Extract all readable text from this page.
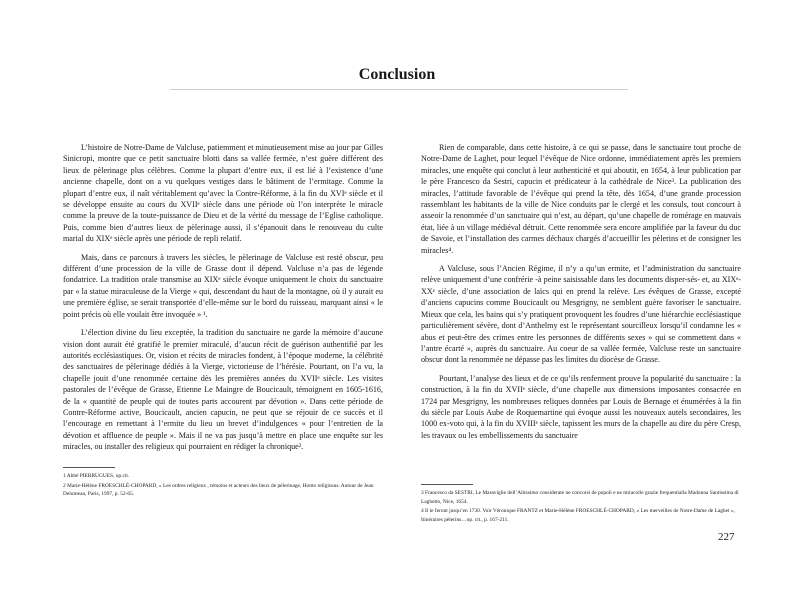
Conclusion

L’histoire de Notre-Dame de Valcluse, patiemment et minutieusement mise au jour par Gilles Sinicropi, montre que ce petit sanctuaire blotti dans sa vallée fermée, n’est guère différent des lieux de pèlerinage plus célèbres. Comme la plupart d’entre eux, il est lié à l’existence d’une ancienne chapelle, dont on a vu quelques vestiges dans le bâtiment de l’ermitage. Comme la plupart d’entre eux, il naît véritablement qu’avec la Contre-Réforme, à la fin du XVIᵉ siècle et il se développe ensuite au cours du XVIIᵉ siècle dans une période où l’on interprète le miracle comme la preuve de la toute-puissance de Dieu et de la vérité du message de l’Eglise catholique. Puis, comme bien d’autres lieux de pèlerinage aussi, il s’épanouit dans le renouveau du culte marial du XIXᵉ siècle après une période de repli relatif.

Mais, dans ce parcours à travers les siècles, le pèlerinage de Valcluse est resté obscur, peu différent d’une procession de la ville de Grasse dont il dépend. Valcluse n’a pas de légende fondatrice. La tradition orale transmise au XIXᵉ siècle évoque uniquement le choix du sanctuaire par « la statue miraculeuse de la Vierge » qui, descendant du haut de la montagne, où il y aurait eu une première église, se serait transportée d’elle-même sur le bord du ruisseau, marquant ainsi « le point précis où elle voulait être invoquée » ¹.

L’élection divine du lieu exceptée, la tradition du sanctuaire ne garde la mémoire d’aucune vision dont aurait été gratifié le premier miraculé, d’aucun récit de guérison authentifié par les autorités ecclésiastiques. Or, vision et récits de miracles fondent, à l’époque moderne, la célébrité des sanctuaires de pèlerinage dédiés à la Vierge, victorieuse de l’hérésie. Pourtant, on l’a vu, la chapelle jouit d’une renommée certaine dès les premières années du XVIIᵉ siècle. Les visites pastorales de l’évêque de Grasse, Etienne Le Maingre de Boucicault, témoignent en 1605-1616, de la « quantité de peuple qui de toutes parts accourent par dévotion ». Dans cette période de Contre-Réforme active, Boucicault, ancien capucin, ne peut que se réjouir de ce succès et il l’encourage en remettant à l’ermite du lieu un brevet d’indulgences « pour l’entretien de la dévotion et affluence de peuple ». Mais il ne va pas jusqu’à mettre en place une enquête sur les miracles, ou installer des religieux qui pourraient en rédiger la chronique².

1 Abbé PIERRUGUES, op.cit.
2 Marie-Hélène FROESCHLÉ-CHOPARD, « Les ordres religieux , témoins et acteurs des lieux de pèlerinage, Homo religiosus. Autour de Jean Delumeau, Paris, 1997, p. 52-65.

Rien de comparable, dans cette histoire, à ce qui se passe, dans le sanctuaire tout proche de Notre-Dame de Laghet, pour lequel l’évêque de Nice ordonne, immédiatement après les premiers miracles, une enquête qui conclut à leur authenticité et qui aboutit, en 1654, à leur publication par le père Francesco da Sestri, capucin et prédicateur à la cathédrale de Nice³. La publication des miracles, l’attitude favorable de l’évêque qui prend la tête, dès 1654, d’une grande procession rassemblant les habitants de la ville de Nice conduits par le clergé et les consuls, tout concourt à asseoir la renommée d’un sanctuaire qui n’est, au départ, qu’une chapelle de romérage en mauvais état, liée à un village médiéval détruit. Cette renommée sera encore amplifiée par la faveur du duc de Savoie, et l’installation des carmes déchaux chargés d’accueillir les pèlerins et de consigner les miracles⁴.

A Valcluse, sous l’Ancien Régime, il n’y a qu’un ermite, et l’administration du sanctuaire relève uniquement d’une confrérie -à peine saisissable dans les documents disper-sés- et, au XIXᵉ-XXᵉ siècle, d’une association de laïcs qui en prend la relève. Les évêques de Grasse, excepté d’anciens capucins comme Boucicault ou Mesgrigny, ne semblent guère favoriser le sanctuaire. Mieux que cela, les bains qui s’y pratiquent provoquent les foudres d’une hiérarchie ecclésiastique particulièrement sévère, dont d’Anthelmy est le représentant sourcilleux lorsqu’il condamne les « abus et peut-être des crimes entre les personnes de différents sexes » qui se commettent dans « l’antre écarté », auprès du sanctuaire. Au coeur de sa vallée fermée, Valcluse reste un sanctuaire obscur dont la renommée ne dépasse pas les limites du diocèse de Grasse.

Pourtant, l’analyse des lieux et de ce qu’ils renferment prouve la popularité du sanctuaire : la construction, à la fin du XVIIᵉ siècle, d’une chapelle aux dimensions imposantes consacrée en 1724 par Mesgrigny, les nombreuses reliques données par Louis de Bernage et énumérées à la fin du siècle par Louis Aube de Roquemartine qui évoque aussi les nouveaux autels secondaires, les 1000 ex-voto qui, à la fin du XVIIIᵉ siècle, tapissent les murs de la chapelle au dire du père Cresp, les travaux ou les embellissements du sanctuaire

3 Francesco da SESTRI, Le Maraviglie dell’Altissimo considerate ne concorsi de popoli e ne miracolle grazie frequentialla Madonna Santissima di Laghetto, Nice, 1654.
4 Il le feront jusqu’en 1730. Voir Véronique FRANTZ et Marie-Hélène FROESCHLÉ-CHOPARD, « Les merveilles de Notre-Dame de Laghet », Itinéraires pèlerins…op. cit., p. 167-211.
227
